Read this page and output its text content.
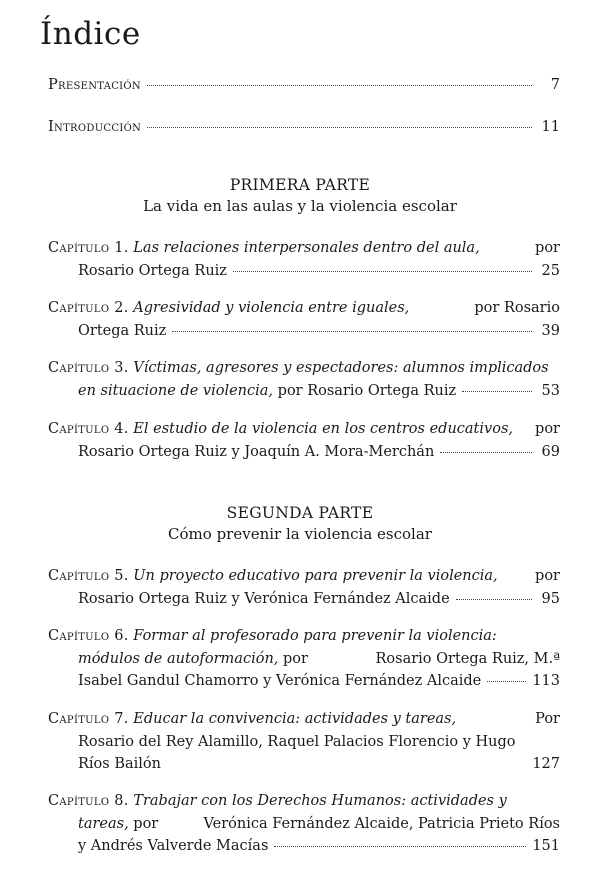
Índice
Presentación	7
Introducción	11
PRIMERA PARTE
La vida en las aulas y la violencia escolar
Capítulo 1. Las relaciones interpersonales dentro del aula,	por
Rosario Ortega Ruiz	25
Capítulo 2. Agresividad y violencia entre iguales,	por Rosario
Ortega Ruiz	39
Capítulo 3. Víctimas, agresores y espectadores: alumnos implicados
en situacione de violencia, por Rosario Ortega Ruiz	53
Capítulo 4. El estudio de la violencia en los centros educativos, por
Rosario Ortega Ruiz y Joaquín A. Mora-Merchán	69
SEGUNDA PARTE
Cómo prevenir la violencia escolar
Capítulo 5. Un proyecto educativo para prevenir la violencia,	por
Rosario Ortega Ruiz y Verónica Fernández Alcaide	95
Capítulo 6. Formar al profesorado para prevenir la violencia:
módulos de autoformación, por	Rosario Ortega Ruiz, M.ª
Isabel Gandul Chamorro y Verónica Fernández Alcaide	113
Capítulo 7. Educar la convivencia: actividades y tareas,	Por
Rosario del Rey Alamillo, Raquel Palacios Florencio y Hugo
Ríos Bailón	127
Capítulo 8. Trabajar con los Derechos Humanos: actividades y
tareas, por	Verónica Fernández Alcaide, Patricia Prieto Ríos
y Andrés Valverde Macías	151
